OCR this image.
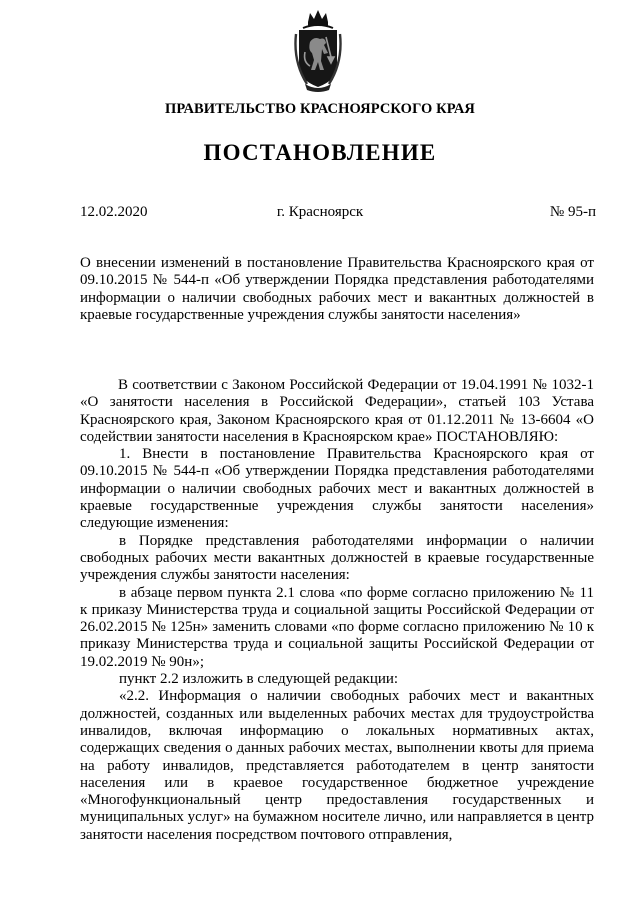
ПРАВИТЕЛЬСТВО КРАСНОЯРСКОГО КРАЯ
ПОСТАНОВЛЕНИЕ
12.02.2020	г. Красноярск	№ 95-п
О внесении изменений в постановление Правительства Красноярского края от 09.10.2015 № 544-п «Об утверждении Порядка представления работодателями информации о наличии свободных рабочих мест и вакантных должностей в краевые государственные учреждения службы занятости населения»

В соответствии с Законом Российской Федерации от 19.04.1991 № 1032-1 «О занятости населения в Российской Федерации», статьей 103 Устава Красноярского края, Законом Красноярского края от 01.12.2011 № 13-6604 «О содействии занятости населения в Красноярском крае» ПОСТАНОВЛЯЮ:

1. Внести в постановление Правительства Красноярского края от 09.10.2015 № 544-п «Об утверждении Порядка представления работодателями информации о наличии свободных рабочих мест и вакантных должностей в краевые государственные учреждения службы занятости населения» следующие изменения:

в Порядке представления работодателями информации о наличии свободных рабочих мести вакантных должностей в краевые государственные учреждения службы занятости населения:

в абзаце первом пункта 2.1 слова «по форме согласно приложению № 11 к приказу Министерства труда и социальной защиты Российской Федерации от 26.02.2015 № 125н» заменить словами «по форме согласно приложению № 10 к приказу Министерства труда и социальной защиты Российской Федерации от 19.02.2019 № 90н»;

пункт 2.2 изложить в следующей редакции:

«2.2. Информация о наличии свободных рабочих мест и вакантных должностей, созданных или выделенных рабочих местах для трудоустройства инвалидов, включая информацию о локальных нормативных актах, содержащих сведения о данных рабочих местах, выполнении квоты для приема на работу инвалидов, представляется работодателем в центр занятости населения или в краевое государственное бюджетное учреждение «Многофункциональный центр предоставления государственных и муниципальных услуг» на бумажном носителе лично, или направляется в центр занятости населения посредством почтового отправления,
